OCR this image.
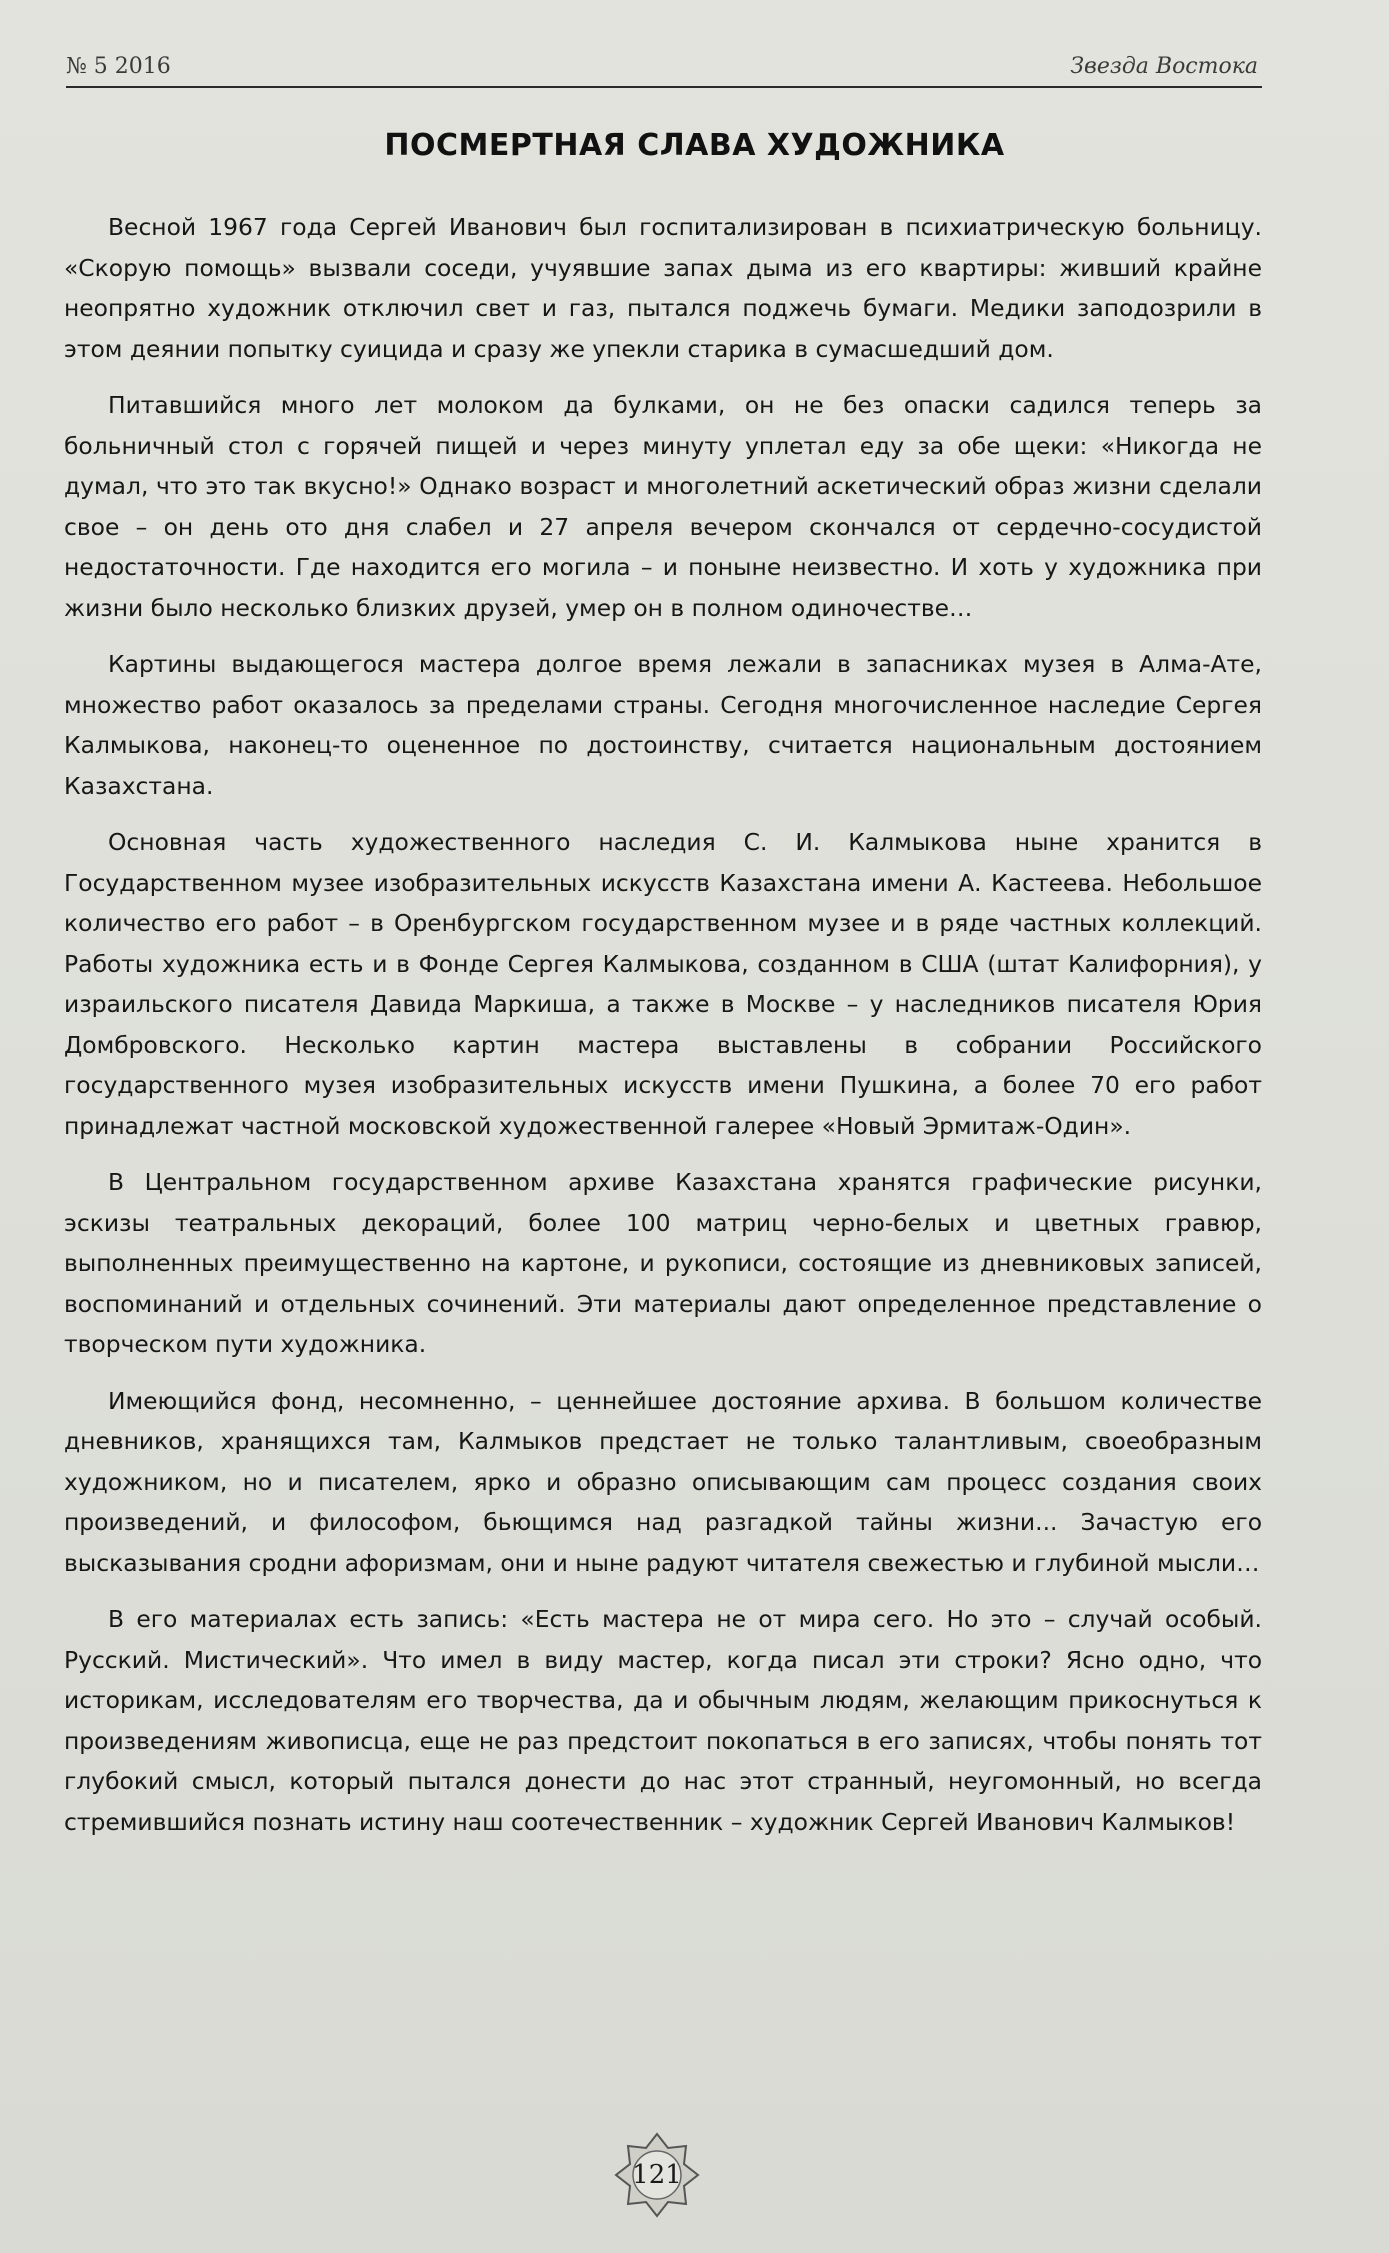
№ 5 2016	Звезда Востока
ПОСМЕРТНАЯ СЛАВА ХУДОЖНИКА

Весной 1967 года Сергей Иванович был госпитализирован в психиатрическую больницу. «Скорую помощь» вызвали соседи, учуявшие запах дыма из его квартиры: живший крайне неопрятно художник отключил свет и газ, пытался поджечь бумаги. Медики заподозрили в этом деянии попытку суицида и сразу же упекли старика в сумасшедший дом.

Питавшийся много лет молоком да булками, он не без опаски садился теперь за больничный стол с горячей пищей и через минуту уплетал еду за обе щеки: «Никогда не думал, что это так вкусно!» Однако возраст и многолетний аскетический образ жизни сделали свое – он день ото дня слабел и 27 апреля вечером скончался от сердечно-сосудистой недостаточности. Где находится его могила – и поныне неизвестно. И хоть у художника при жизни было несколько близких друзей, умер он в полном одиночестве…

Картины выдающегося мастера долгое время лежали в запасниках музея в Алма-Ате, множество работ оказалось за пределами страны. Сегодня многочисленное наследие Сергея Калмыкова, наконец-то оцененное по достоинству, считается национальным достоянием Казахстана.

Основная часть художественного наследия С. И. Калмыкова ныне хранится в Государственном музее изобразительных искусств Казахстана имени А. Кастеева. Небольшое количество его работ – в Оренбургском государственном музее и в ряде частных коллекций. Работы художника есть и в Фонде Сергея Калмыкова, созданном в США (штат Калифорния), у израильского писателя Давида Маркиша, а также в Москве – у наследников писателя Юрия Домбровского. Несколько картин мастера выставлены в собрании Российского государственного музея изобразительных искусств имени Пушкина, а более 70 его работ принадлежат частной московской художественной галерее «Новый Эрмитаж-Один».

В Центральном государственном архиве Казахстана хранятся графические рисунки, эскизы театральных декораций, более 100 матриц черно-белых и цветных гравюр, выполненных преимущественно на картоне, и рукописи, состоящие из дневниковых записей, воспоминаний и отдельных сочинений. Эти материалы дают определенное представление о творческом пути художника.

Имеющийся фонд, несомненно, – ценнейшее достояние архива. В большом количестве дневников, хранящихся там, Калмыков предстает не только талантливым, своеобразным художником, но и писателем, ярко и образно описывающим сам процесс создания своих произведений, и философом, бьющимся над разгадкой тайны жизни... Зачастую его высказывания сродни афоризмам, они и ныне радуют читателя свежестью и глубиной мысли…

В его материалах есть запись: «Есть мастера не от мира сего. Но это – случай особый. Русский. Мистический». Что имел в виду мастер, когда писал эти строки? Ясно одно, что историкам, исследователям его творчества, да и обычным людям, желающим прикоснуться к произведениям живописца, еще не раз предстоит покопаться в его записях, чтобы понять тот глубокий смысл, который пытался донести до нас этот странный, неугомонный, но всегда стремившийся познать истину наш соотечественник – художник Сергей Иванович Калмыков!

121
